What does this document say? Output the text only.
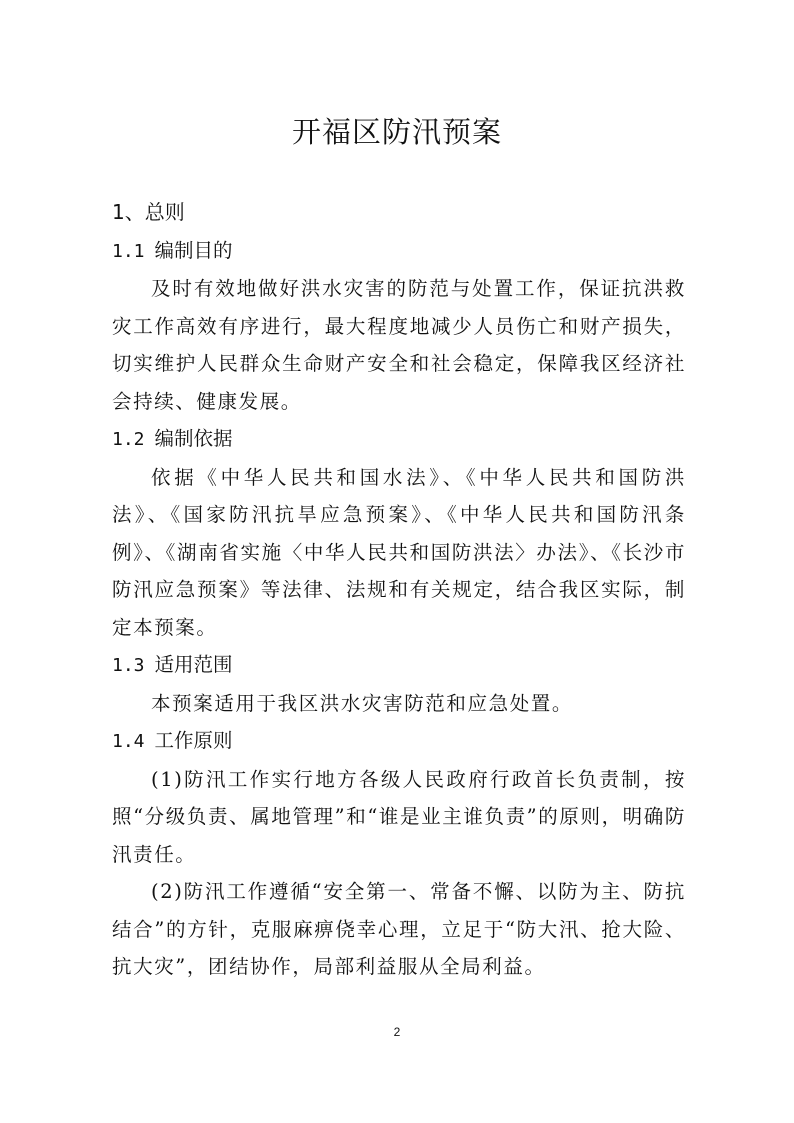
开福区防汛预案

1、总则

1.1 编制目的

及时有效地做好洪水灾害的防范与处置工作，保证抗洪救灾工作高效有序进行，最大程度地减少人员伤亡和财产损失，切实维护人民群众生命财产安全和社会稳定，保障我区经济社会持续、健康发展。

1.2 编制依据

依据《中华人民共和国水法》、《中华人民共和国防洪法》、《国家防汛抗旱应急预案》、《中华人民共和国防汛条例》、《湖南省实施〈中华人民共和国防洪法〉办法》、《长沙市防汛应急预案》等法律、法规和有关规定，结合我区实际，制定本预案。

1.3 适用范围

本预案适用于我区洪水灾害防范和应急处置。

1.4 工作原则

(1)防汛工作实行地方各级人民政府行政首长负责制，按照“分级负责、属地管理”和“谁是业主谁负责”的原则，明确防汛责任。

(2)防汛工作遵循“安全第一、常备不懈、以防为主、防抗结合”的方针，克服麻痹侥幸心理，立足于“防大汛、抢大险、抗大灾”，团结协作，局部利益服从全局利益。

2
